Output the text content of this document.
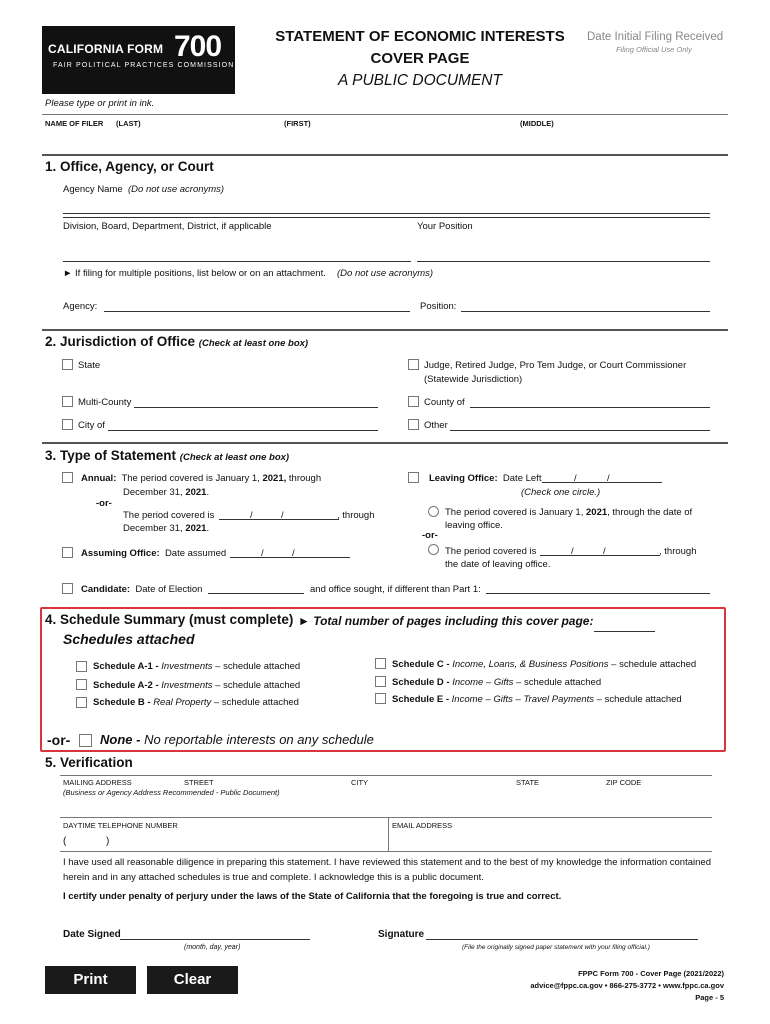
CALIFORNIA FORM 700
FAIR POLITICAL PRACTICES COMMISSION
STATEMENT OF ECONOMIC INTERESTS
COVER PAGE
A PUBLIC DOCUMENT
Date Initial Filing Received
Filing Official Use Only
Please type or print in ink.
NAME OF FILER (LAST)	(FIRST)	(MIDDLE)
1. Office, Agency, or Court
Agency Name (Do not use acronyms)
Division, Board, Department, District, if applicable	Your Position
► If filing for multiple positions, list below or on an attachment. (Do not use acronyms)
Agency:	Position:
2. Jurisdiction of Office (Check at least one box)
State	Judge, Retired Judge, Pro Tem Judge, or Court Commissioner
(Statewide Jurisdiction)
Multi-County	County of
City of	Other
3. Type of Statement (Check at least one box)
Annual: The period covered is January 1, 2021, through
December 31, 2021.
-or-
The period covered is	/	/	, through
December 31, 2021.
Assuming Office: Date assumed	/	/
Leaving Office: Date Left	/	/
(Check one circle.)
The period covered is January 1, 2021, through the date of
leaving office.
-or-
The period covered is	/	/	, through
the date of leaving office.
Candidate: Date of Election	and office sought, if different than Part 1:
4. Schedule Summary (must complete) ► Total number of pages including this cover page:
Schedules attached
Schedule A-1 - Investments – schedule attached
Schedule A-2 - Investments – schedule attached
Schedule B - Real Property – schedule attached
Schedule C - Income, Loans, & Business Positions – schedule attached
Schedule D - Income – Gifts – schedule attached
Schedule E - Income – Gifts – Travel Payments – schedule attached
-or- None - No reportable interests on any schedule
5. Verification
MAILING ADDRESS	STREET	CITY	STATE	ZIP CODE
(Business or Agency Address Recommended - Public Document)
DAYTIME TELEPHONE NUMBER	EMAIL ADDRESS
(	)
I have used all reasonable diligence in preparing this statement. I have reviewed this statement and to the best of my knowledge the information contained herein and in any attached schedules is true and complete. I acknowledge this is a public document.
I certify under penalty of perjury under the laws of the State of California that the foregoing is true and correct.
Date Signed
(month, day, year)
Signature
(File the originally signed paper statement with your filing official.)
Print	Clear	FPPC Form 700 - Cover Page (2021/2022)
advice@fppc.ca.gov • 866-275-3772 • www.fppc.ca.gov
Page - 5
